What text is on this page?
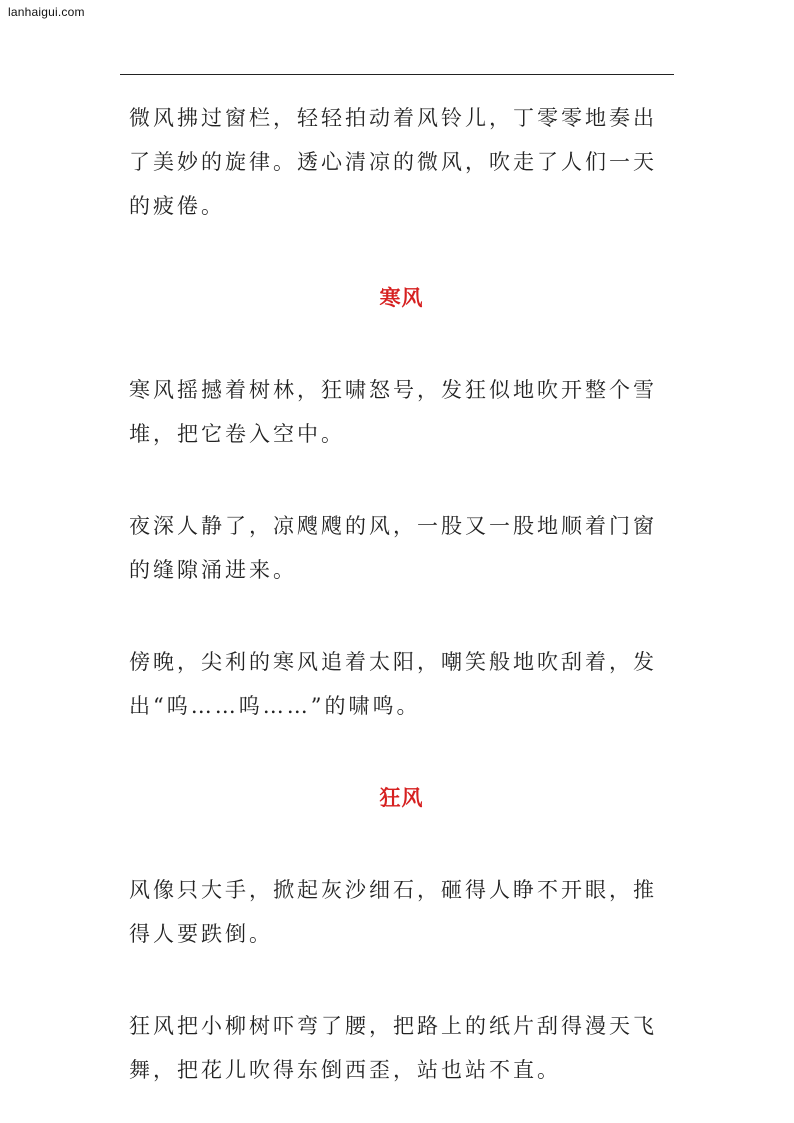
lanhaigui.com

微风拂过窗栏，轻轻拍动着风铃儿，丁零零地奏出了美妙的旋律。透心清凉的微风，吹走了人们一天的疲倦。

寒风

寒风摇撼着树林，狂啸怒号，发狂似地吹开整个雪堆，把它卷入空中。

夜深人静了，凉飕飕的风，一股又一股地顺着门窗的缝隙涌进来。

傍晚，尖利的寒风追着太阳，嘲笑般地吹刮着，发出“呜……呜……”的啸鸣。

狂风

风像只大手，掀起灰沙细石，砸得人睁不开眼，推得人要跌倒。

狂风把小柳树吓弯了腰，把路上的纸片刮得漫天飞舞，把花儿吹得东倒西歪，站也站不直。
